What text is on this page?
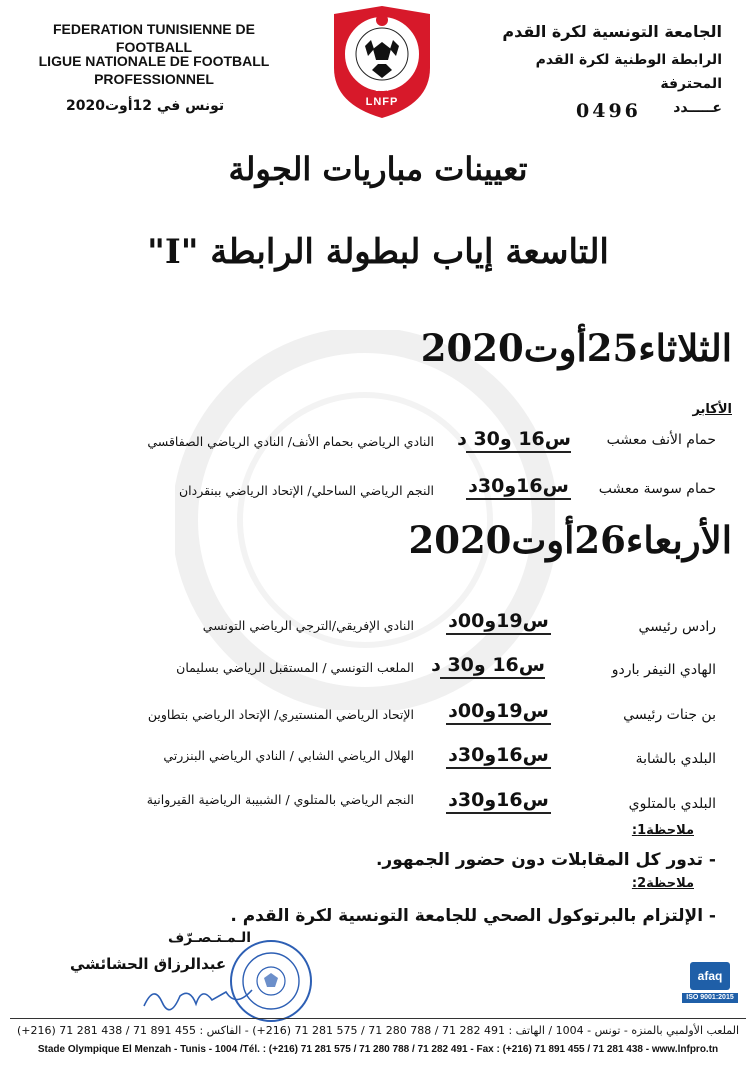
FEDERATION TUNISIENNE DE FOOTBALL
LIGUE NATIONALE DE FOOTBALL
PROFESSIONNEL
تونس في 12أوت2020
1994
LNFP
الجامعة التونسية لكرة القدم
الرابطة الوطنية لكرة القدم
المحترفة
عـــــدد
0496
تعيينات مباريات الجولة
التاسعة إياب لبطولة الرابطة "I"
الثلاثاء25أوت2020
الأكابر
حمام الأنف معشب
س16 و30 د
النادي الرياضي بحمام الأنف/ النادي الرياضي الصفاقسي
حمام سوسة معشب
س16و30د
النجم الرياضي الساحلي/ الإتحاد الرياضي ببنقردان
الأربعاء26أوت2020
رادس رئيسي
س19و00د
النادي الإفريقي/الترجي الرياضي التونسي
الهادي النيفر باردو
س16 و30 د
الملعب التونسي / المستقبل الرياضي بسليمان
بن جنات رئيسي
س19و00د
الإتحاد الرياضي المنستيري/ الإتحاد الرياضي بتطاوين
البلدي بالشابة
س16و30د
الهلال الرياضي الشابي / النادي الرياضي البنزرتي
البلدي بالمتلوي
س16و30د
النجم الرياضي بالمتلوي / الشبيبة الرياضية القيروانية
ملاحظة1:
- تدور كل المقابلات دون حضور الجمهور.
ملاحظة2:
- الإلتزام بالبرتوكول الصحي للجامعة التونسية لكرة القدم .
الـمـتـصـرّف
عبدالرزاق الحشائشي
afaq
ISO 9001:2015
الملعب الأولمبي بالمنزه - تونس - 1004 / الهاتف : 491 282 71 / 788 280 71 / 575 281 71 (216+) - الفاكس : 455 891 71 / 438 281 71 (216+)
Stade Olympique El Menzah - Tunis - 1004 /Tél. : (+216) 71 281 575 / 71 280 788 / 71 282 491 - Fax : (+216) 71 891 455 / 71 281 438 - www.lnfpro.tn
